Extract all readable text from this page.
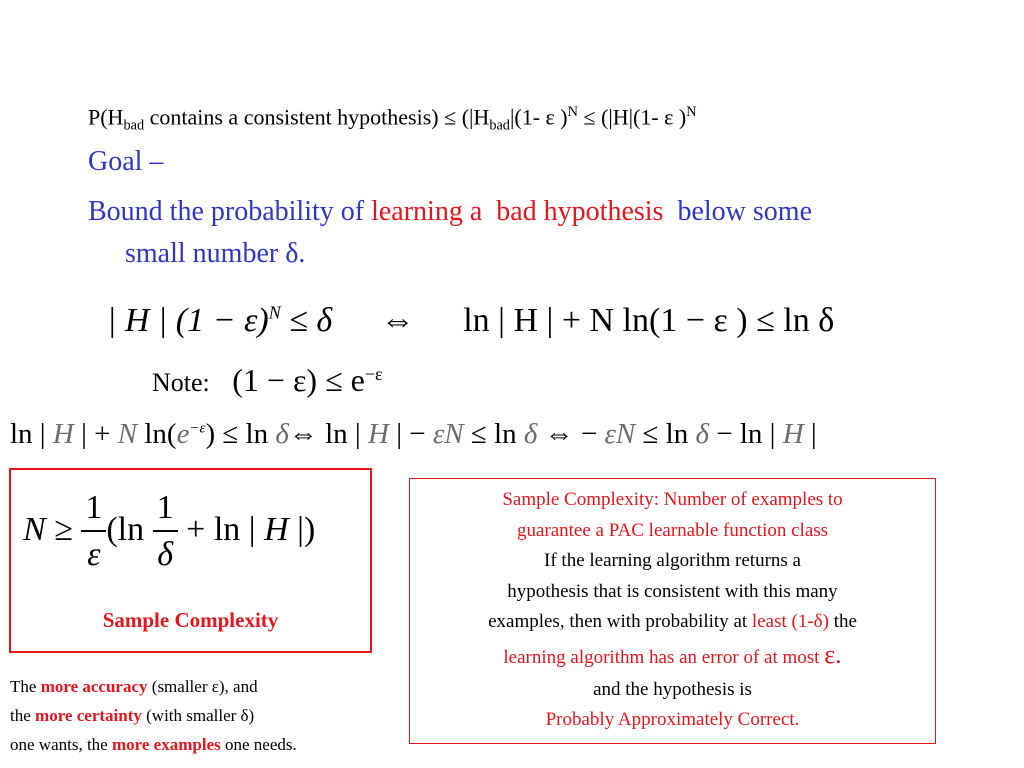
$P(H_{bad}$ contains a consistent hypothesis) ≤ ($|H_{bad}|(1-$ ε )$^N$ ≤ (|H|(1- ε )$^N$
Goal –
Bound the probability of learning a bad hypothesis  below some
small number δ.
| H | $(1 - \varepsilon)^N \le \delta$ ⇔ ln | H | + N ln(1 − ε ) ≤ ln δ
Note: $(1 - \varepsilon) \le e^{-\varepsilon}$
ln | H | + N $\ln(e^{-\varepsilon}) \le \ln$ δ⇔ ln | H | − εN ≤ ln δ ⇔ − εN ≤ ln δ − ln | H |
$N \ge \frac{1}{\varepsilon} (\ln \frac{1}{\delta} + \ln$ | H |)
Sample Complexity
Sample Complexity: Number of examples to
guarantee a PAC learnable function class
If the learning algorithm returns a
hypothesis that is consistent with this many
examples, then with probability at least (1-δ) the
learning algorithm has an error of at most ε.
and the hypothesis is
Probably Approximately Correct.
The more accuracy (smaller ε), and
the more certainty (with smaller δ)
one wants, the more examples one needs.
